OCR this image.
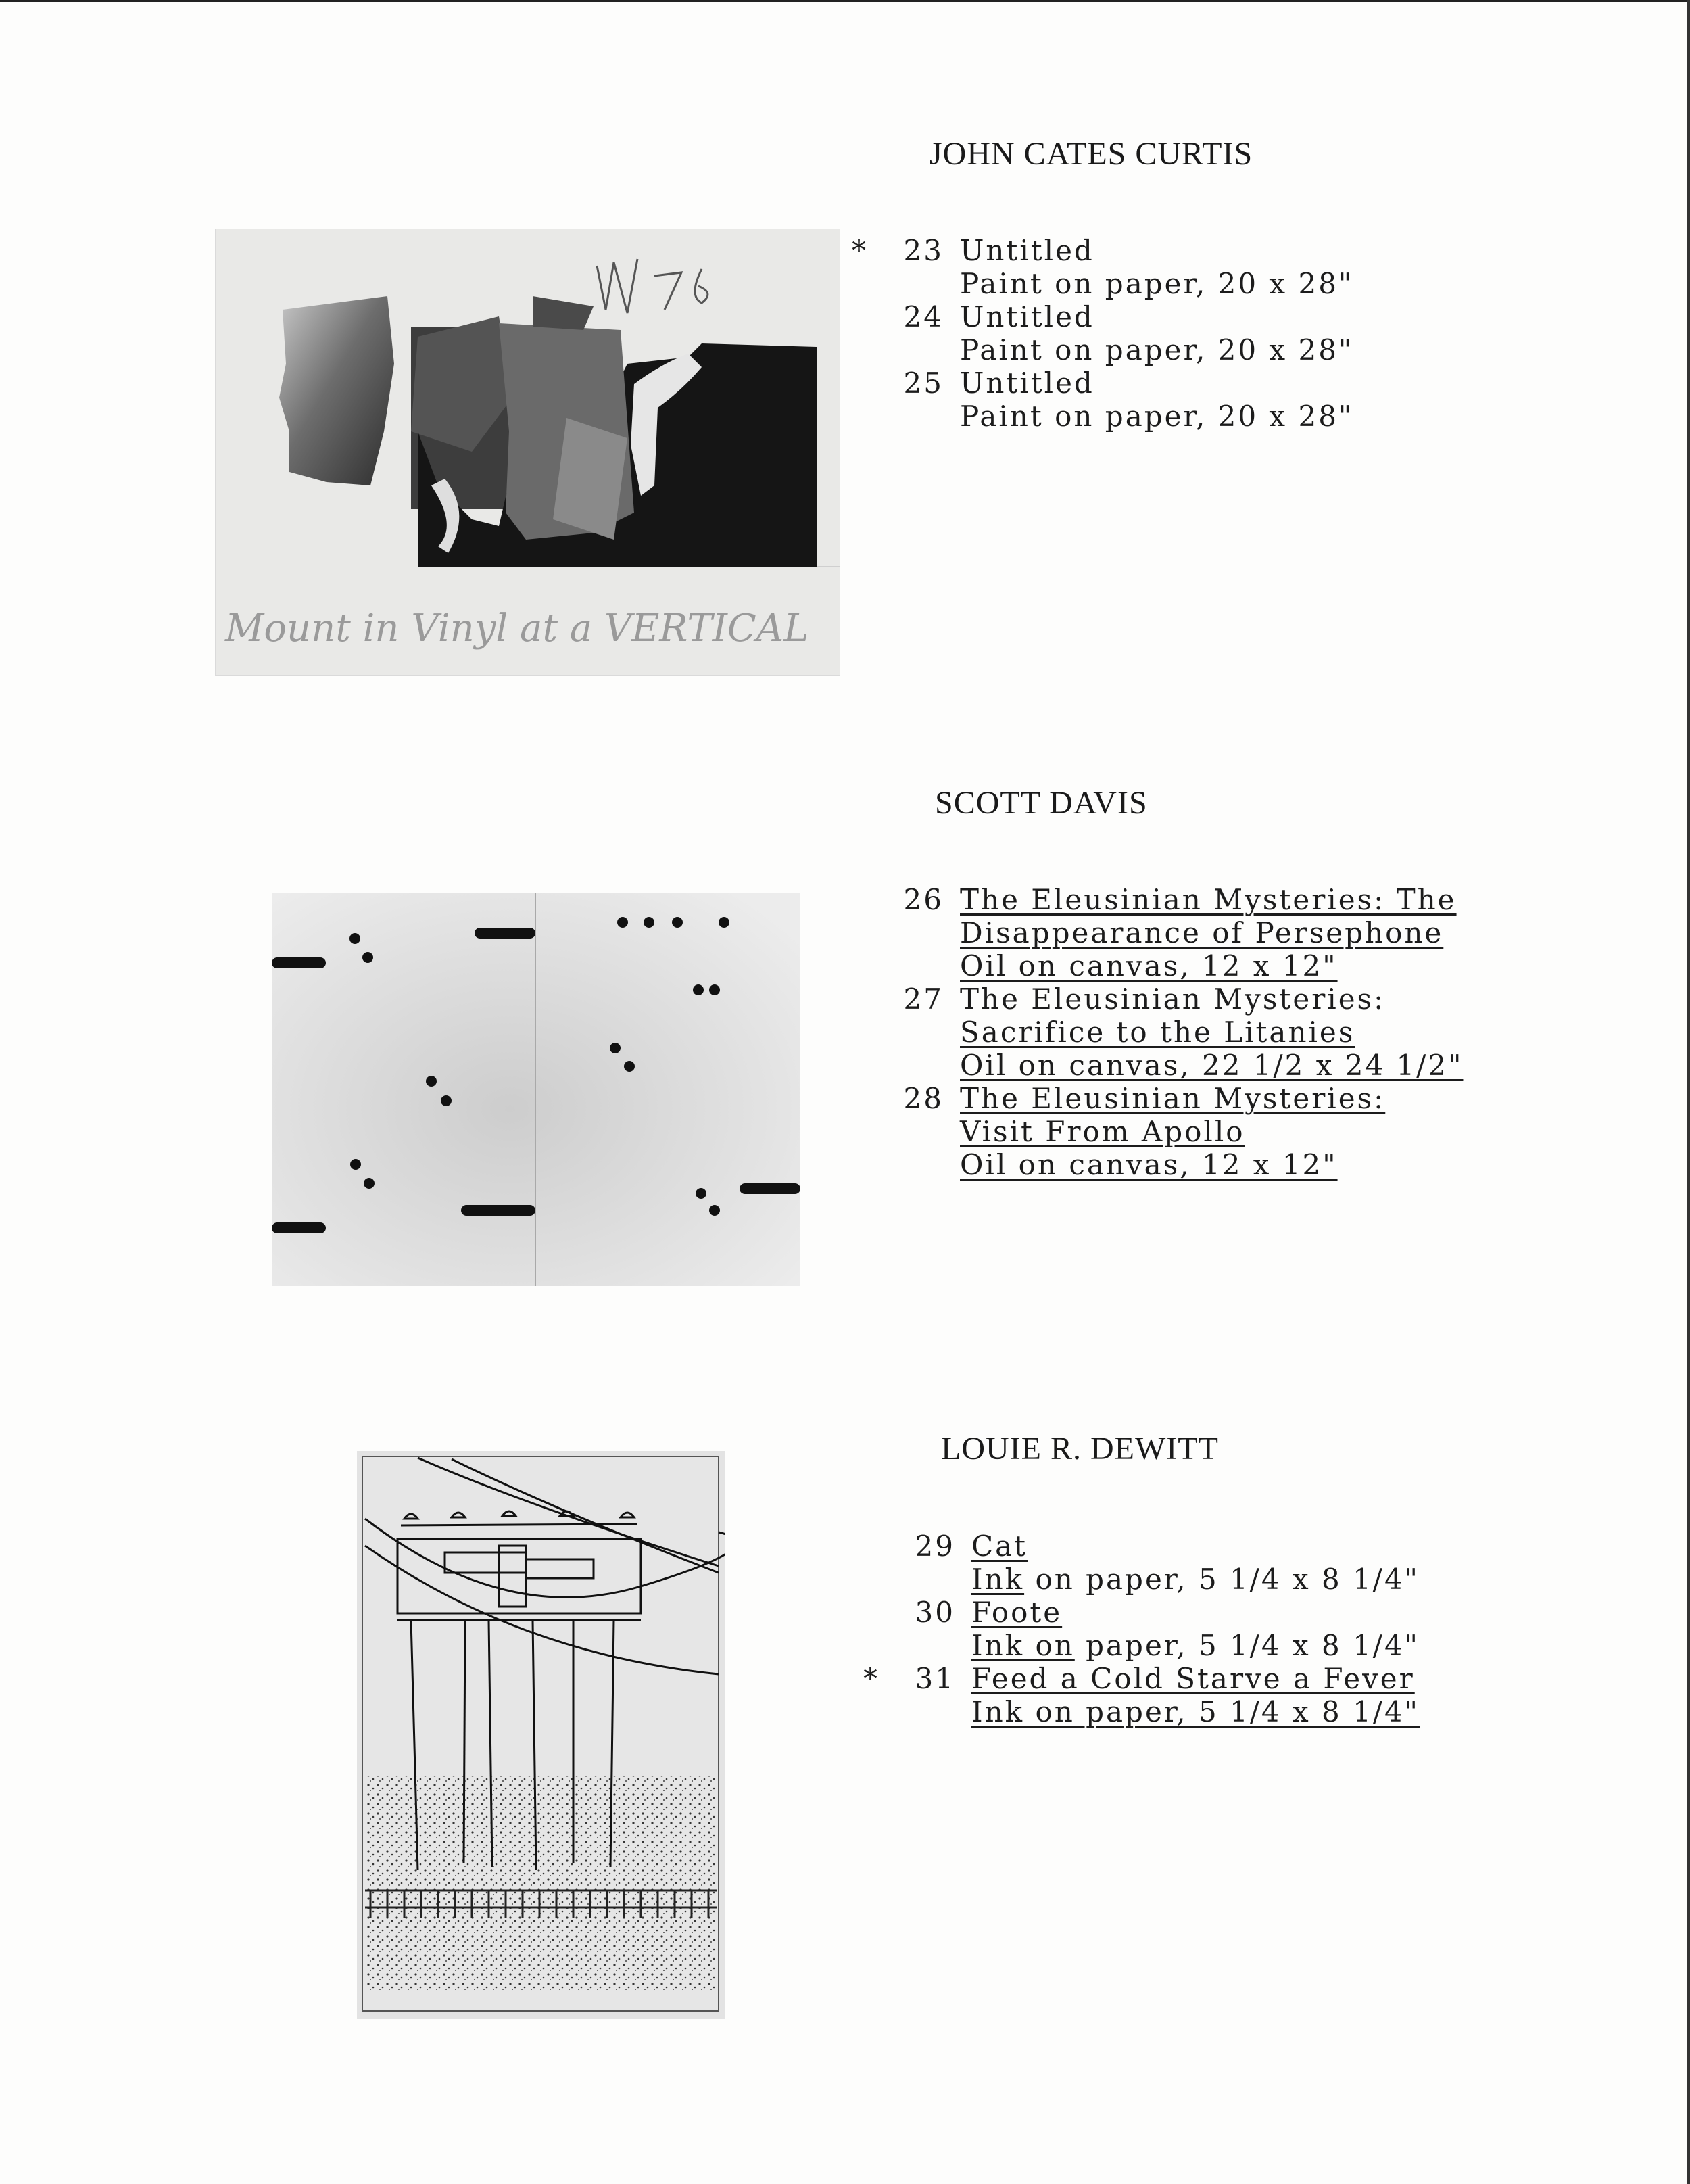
JOHN CATES CURTIS
Mount in Vinyl at a VERTICAL
M 76
* 23 Untitled
Paint on paper, 20 x 28"
24 Untitled
Paint on paper, 20 x 28"
25 Untitled
Paint on paper, 20 x 28"
SCOTT DAVIS
26 The Eleusinian Mysteries: The
Disappearance of Persephone
Oil on canvas, 12 x 12"
27 The Eleusinian Mysteries:
Sacrifice to the Litanies
Oil on canvas, 22 1/2 x 24 1/2"
28 The Eleusinian Mysteries:
Visit From Apollo
Oil on canvas, 12 x 12"
LOUIE R. DEWITT
29 Cat
Ink on paper, 5 1/4 x 8 1/4"
30 Foote
Ink on paper, 5 1/4 x 8 1/4"
* 31 Feed a Cold Starve a Fever
Ink on paper, 5 1/4 x 8 1/4"
